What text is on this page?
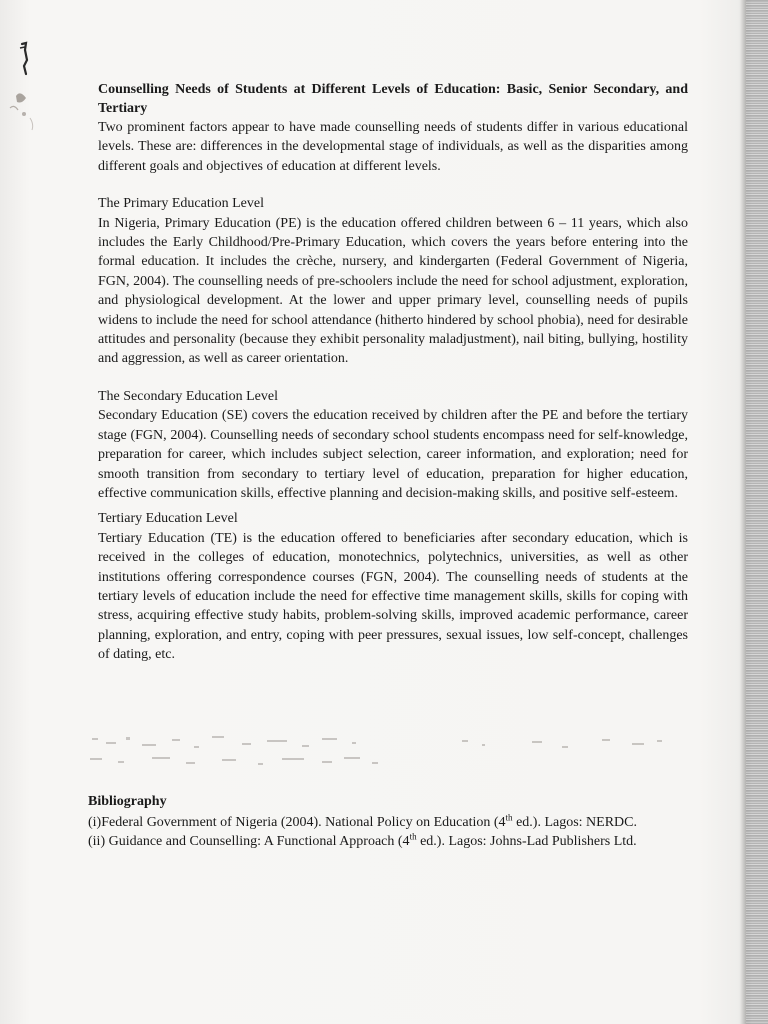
Counselling Needs of Students at Different Levels of Education: Basic, Senior Secondary, and Tertiary

Two prominent factors appear to have made counselling needs of students differ in various educational levels. These are: differences in the developmental stage of individuals, as well as the disparities among different goals and objectives of education at different levels.

The Primary Education Level

In Nigeria, Primary Education (PE) is the education offered children between 6 – 11 years, which also includes the Early Childhood/Pre-Primary Education, which covers the years before entering into the formal education. It includes the crèche, nursery, and kindergarten (Federal Government of Nigeria, FGN, 2004). The counselling needs of pre-schoolers include the need for school adjustment, exploration, and physiological development. At the lower and upper primary level, counselling needs of pupils widens to include the need for school attendance (hitherto hindered by school phobia), need for desirable attitudes and personality (because they exhibit personality maladjustment), nail biting, bullying, hostility and aggression, as well as career orientation.

The Secondary Education Level

Secondary Education (SE) covers the education received by children after the PE and before the tertiary stage (FGN, 2004). Counselling needs of secondary school students encompass need for self-knowledge, preparation for career, which includes subject selection, career information, and exploration; need for smooth transition from secondary to tertiary level of education, preparation for higher education, effective communication skills, effective planning and decision-making skills, and positive self-esteem.

Tertiary Education Level

Tertiary Education (TE) is the education offered to beneficiaries after secondary education, which is received in the colleges of education, monotechnics, polytechnics, universities, as well as other institutions offering correspondence courses (FGN, 2004). The counselling needs of students at the tertiary levels of education include the need for effective time management skills, skills for coping with stress, acquiring effective study habits, problem-solving skills, improved academic performance, career planning, exploration, and entry, coping with peer pressures, sexual issues, low self-concept, challenges of dating, etc.

Bibliography

(i)Federal Government of Nigeria (2004). National Policy on Education (4th ed.). Lagos: NERDC.

(ii) Guidance and Counselling: A Functional Approach (4th ed.). Lagos: Johns-Lad Publishers Ltd.
